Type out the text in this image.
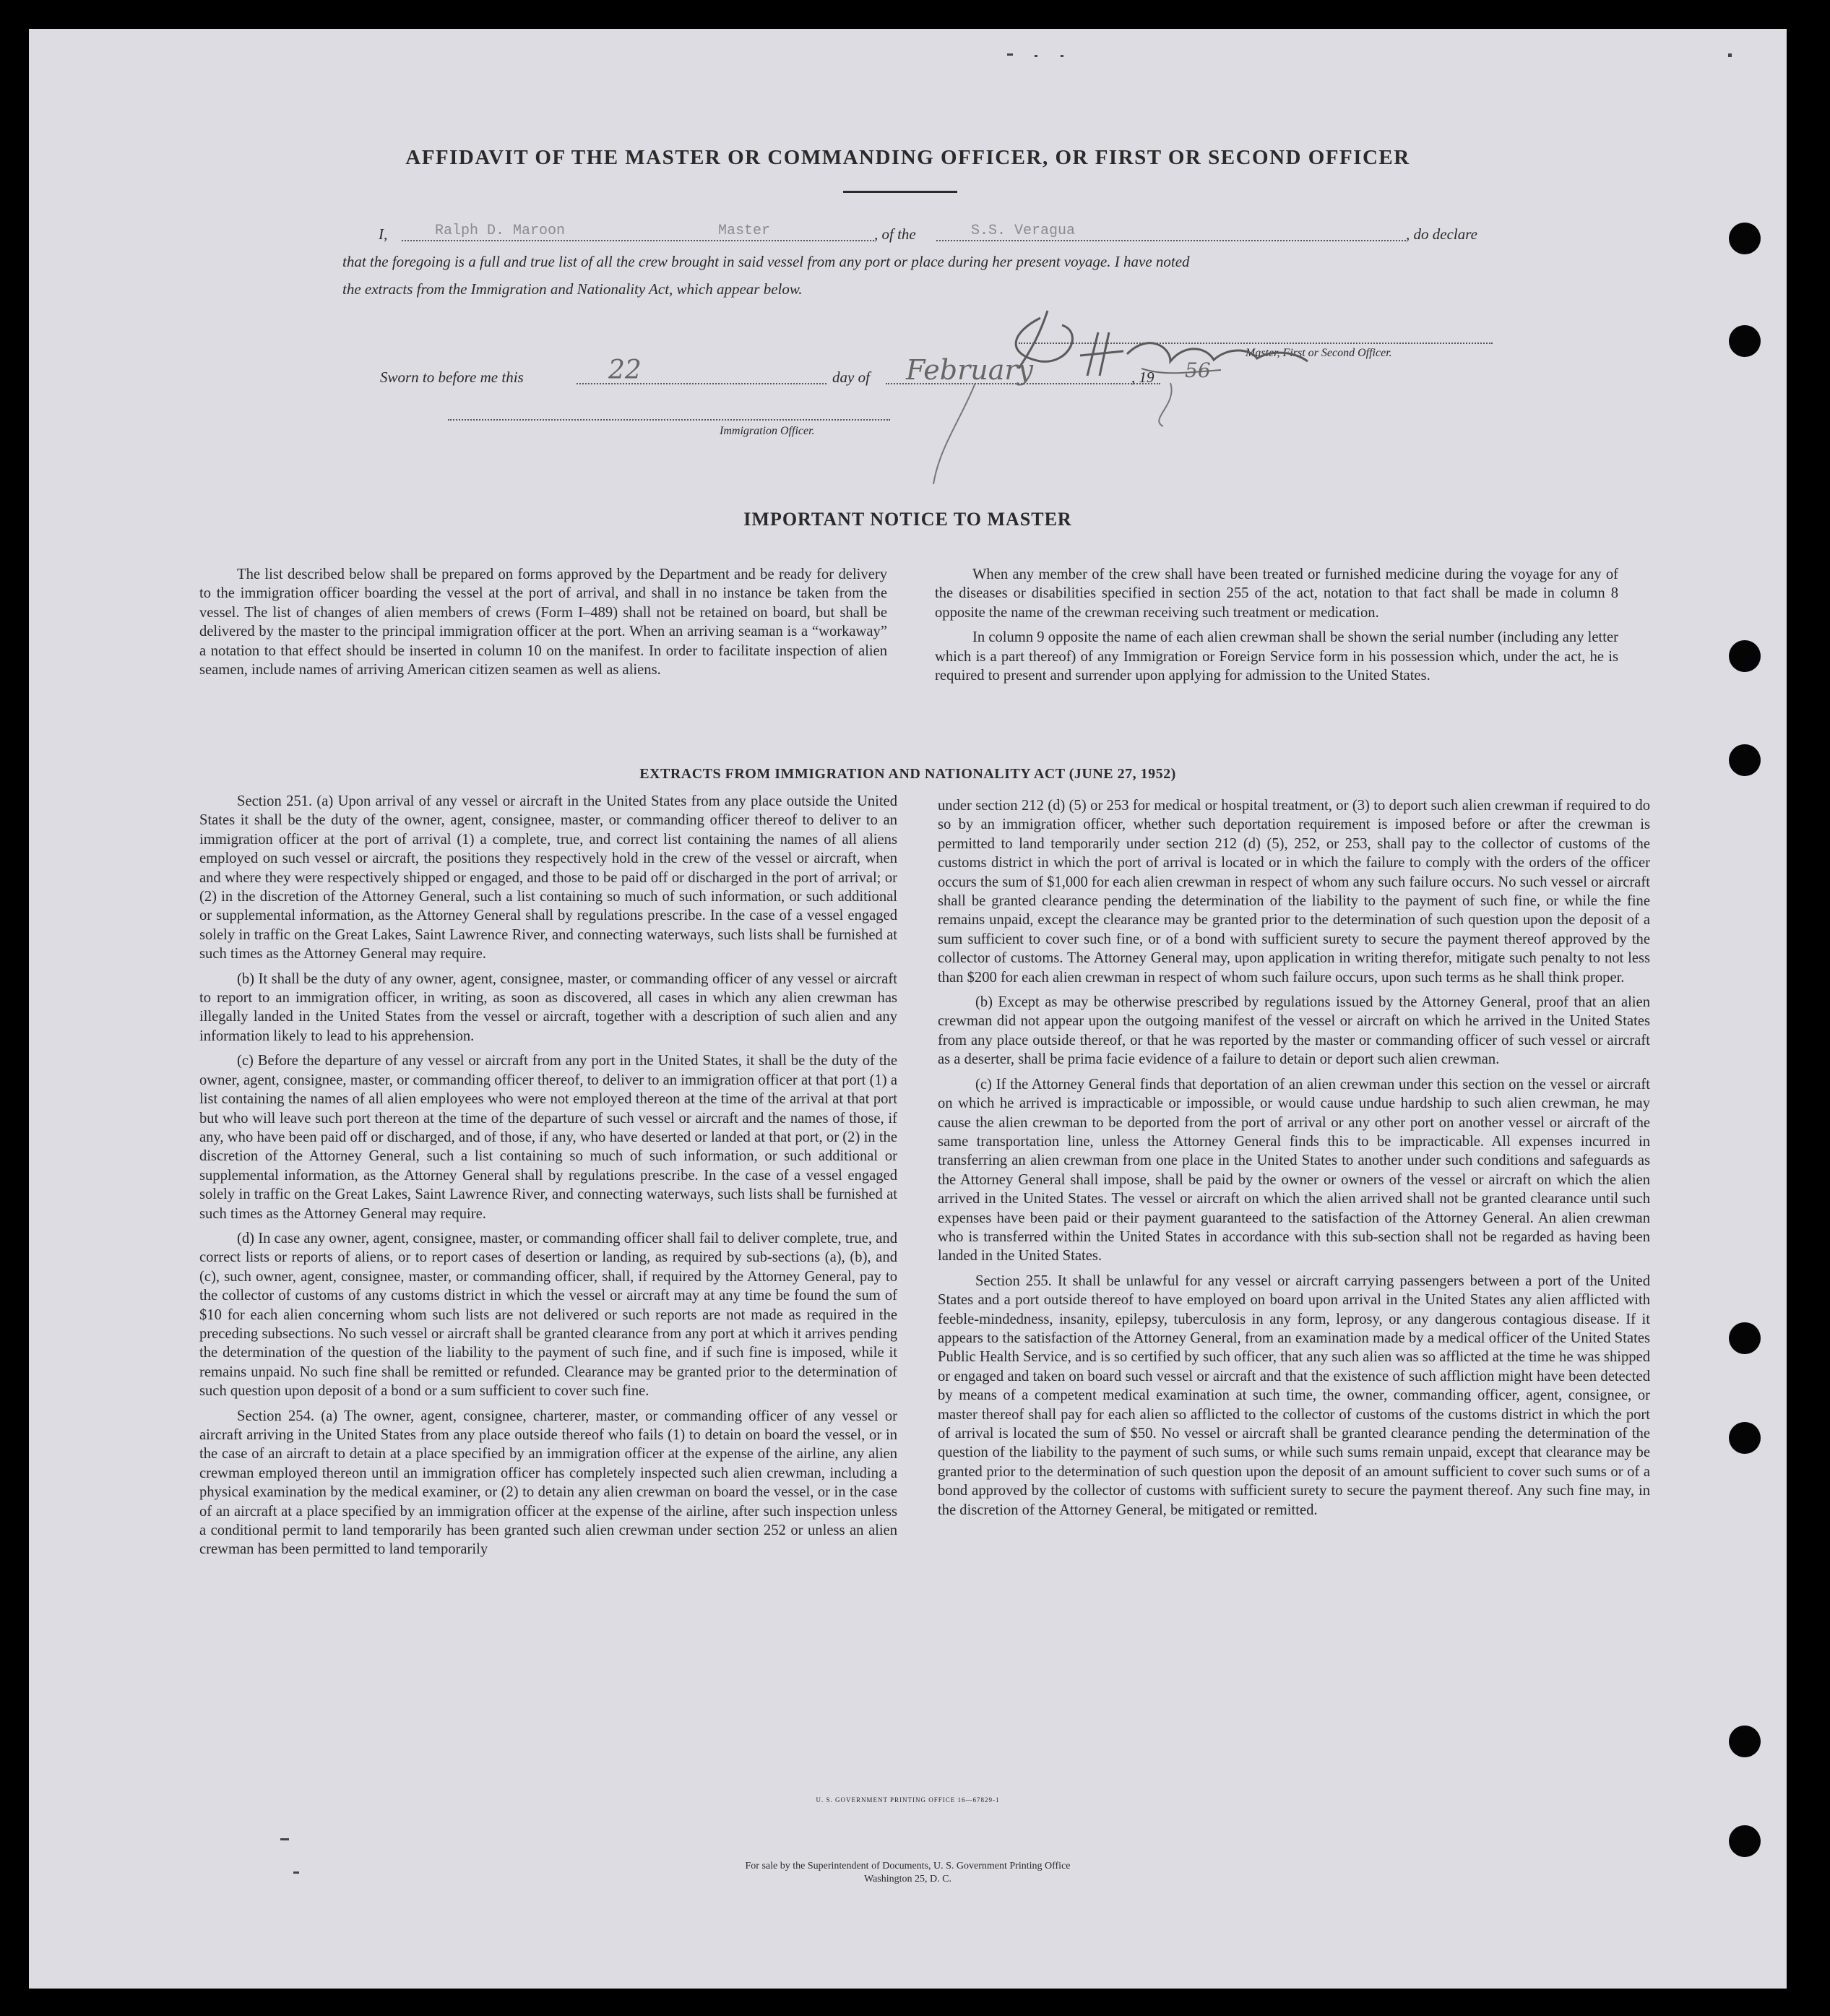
AFFIDAVIT OF THE MASTER OR COMMANDING OFFICER, OR FIRST OR SECOND OFFICER
I,	Ralph D. Maroon	Master	, of the	S.S. Veragua	, do declare
that the foregoing is a full and true list of all the crew brought in said vessel from any port or place during her present voyage. I have noted
the extracts from the Immigration and Nationality Act, which appear below.
Master, First or Second Officer.
Sworn to before me this	22	day of February	, 19 56
Immigration Officer.
IMPORTANT NOTICE TO MASTER

The list described below shall be prepared on forms approved by the Department and be ready for delivery to the immigration officer boarding the vessel at the port of arrival, and shall in no instance be taken from the vessel. The list of changes of alien members of crews (Form I–489) shall not be retained on board, but shall be delivered by the master to the principal immigration officer at the port. When an arriving seaman is a “workaway” a notation to that effect should be inserted in column 10 on the manifest. In order to facilitate inspection of alien seamen, include names of arriving American citizen seamen as well as aliens.

When any member of the crew shall have been treated or furnished medicine during the voyage for any of the diseases or disabilities specified in section 255 of the act, notation to that fact shall be made in column 8 opposite the name of the crewman receiving such treatment or medication.

In column 9 opposite the name of each alien crewman shall be shown the serial number (including any letter which is a part thereof) of any Immigration or Foreign Service form in his possession which, under the act, he is required to present and surrender upon applying for admission to the United States.

EXTRACTS FROM IMMIGRATION AND NATIONALITY ACT (JUNE 27, 1952)

Section 251. (a) Upon arrival of any vessel or aircraft in the United States from any place outside the United States it shall be the duty of the owner, agent, consignee, master, or commanding officer thereof to deliver to an immigration officer at the port of arrival (1) a complete, true, and correct list containing the names of all aliens employed on such vessel or aircraft, the positions they respectively hold in the crew of the vessel or aircraft, when and where they were respectively shipped or engaged, and those to be paid off or discharged in the port of arrival; or (2) in the discretion of the Attorney General, such a list containing so much of such information, or such additional or supplemental information, as the Attorney General shall by regulations prescribe. In the case of a vessel engaged solely in traffic on the Great Lakes, Saint Lawrence River, and connecting waterways, such lists shall be furnished at such times as the Attorney General may require.

(b) It shall be the duty of any owner, agent, consignee, master, or commanding officer of any vessel or aircraft to report to an immigration officer, in writing, as soon as discovered, all cases in which any alien crewman has illegally landed in the United States from the vessel or aircraft, together with a description of such alien and any information likely to lead to his apprehension.

(c) Before the departure of any vessel or aircraft from any port in the United States, it shall be the duty of the owner, agent, consignee, master, or commanding officer thereof, to deliver to an immigration officer at that port (1) a list containing the names of all alien employees who were not employed thereon at the time of the arrival at that port but who will leave such port thereon at the time of the departure of such vessel or aircraft and the names of those, if any, who have been paid off or discharged, and of those, if any, who have deserted or landed at that port, or (2) in the discretion of the Attorney General, such a list containing so much of such information, or such additional or supplemental information, as the Attorney General shall by regulations prescribe. In the case of a vessel engaged solely in traffic on the Great Lakes, Saint Lawrence River, and connecting waterways, such lists shall be furnished at such times as the Attorney General may require.

(d) In case any owner, agent, consignee, master, or commanding officer shall fail to deliver complete, true, and correct lists or reports of aliens, or to report cases of desertion or landing, as required by sub-sections (a), (b), and (c), such owner, agent, consignee, master, or commanding officer, shall, if required by the Attorney General, pay to the collector of customs of any customs district in which the vessel or aircraft may at any time be found the sum of $10 for each alien concerning whom such lists are not delivered or such reports are not made as required in the preceding subsections. No such vessel or aircraft shall be granted clearance from any port at which it arrives pending the determination of the question of the liability to the payment of such fine, and if such fine is imposed, while it remains unpaid. No such fine shall be remitted or refunded. Clearance may be granted prior to the determination of such question upon deposit of a bond or a sum sufficient to cover such fine.

Section 254. (a) The owner, agent, consignee, charterer, master, or commanding officer of any vessel or aircraft arriving in the United States from any place outside thereof who fails (1) to detain on board the vessel, or in the case of an aircraft to detain at a place specified by an immigration officer at the expense of the airline, any alien crewman employed thereon until an immigration officer has completely inspected such alien crewman, including a physical examination by the medical examiner, or (2) to detain any alien crewman on board the vessel, or in the case of an aircraft at a place specified by an immigration officer at the expense of the airline, after such inspection unless a conditional permit to land temporarily has been granted such alien crewman under section 252 or unless an alien crewman has been permitted to land temporarily

under section 212 (d) (5) or 253 for medical or hospital treatment, or (3) to deport such alien crewman if required to do so by an immigration officer, whether such deportation requirement is imposed before or after the crewman is permitted to land temporarily under section 212 (d) (5), 252, or 253, shall pay to the collector of customs of the customs district in which the port of arrival is located or in which the failure to comply with the orders of the officer occurs the sum of $1,000 for each alien crewman in respect of whom any such failure occurs. No such vessel or aircraft shall be granted clearance pending the determination of the liability to the payment of such fine, or while the fine remains unpaid, except the clearance may be granted prior to the determination of such question upon the deposit of a sum sufficient to cover such fine, or of a bond with sufficient surety to secure the payment thereof approved by the collector of customs. The Attorney General may, upon application in writing therefor, mitigate such penalty to not less than $200 for each alien crewman in respect of whom such failure occurs, upon such terms as he shall think proper.

(b) Except as may be otherwise prescribed by regulations issued by the Attorney General, proof that an alien crewman did not appear upon the outgoing manifest of the vessel or aircraft on which he arrived in the United States from any place outside thereof, or that he was reported by the master or commanding officer of such vessel or aircraft as a deserter, shall be prima facie evidence of a failure to detain or deport such alien crewman.

(c) If the Attorney General finds that deportation of an alien crewman under this section on the vessel or aircraft on which he arrived is impracticable or impossible, or would cause undue hardship to such alien crewman, he may cause the alien crewman to be deported from the port of arrival or any other port on another vessel or aircraft of the same transportation line, unless the Attorney General finds this to be impracticable. All expenses incurred in transferring an alien crewman from one place in the United States to another under such conditions and safeguards as the Attorney General shall impose, shall be paid by the owner or owners of the vessel or aircraft on which the alien arrived in the United States. The vessel or aircraft on which the alien arrived shall not be granted clearance until such expenses have been paid or their payment guaranteed to the satisfaction of the Attorney General. An alien crewman who is transferred within the United States in accordance with this sub-section shall not be regarded as having been landed in the United States.

Section 255. It shall be unlawful for any vessel or aircraft carrying passengers between a port of the United States and a port outside thereof to have employed on board upon arrival in the United States any alien afflicted with feeble-mindedness, insanity, epilepsy, tuberculosis in any form, leprosy, or any dangerous contagious disease. If it appears to the satisfaction of the Attorney General, from an examination made by a medical officer of the United States Public Health Service, and is so certified by such officer, that any such alien was so afflicted at the time he was shipped or engaged and taken on board such vessel or aircraft and that the existence of such affliction might have been detected by means of a competent medical examination at such time, the owner, commanding officer, agent, consignee, or master thereof shall pay for each alien so afflicted to the collector of customs of the customs district in which the port of arrival is located the sum of $50. No vessel or aircraft shall be granted clearance pending the determination of the question of the liability to the payment of such sums, or while such sums remain unpaid, except that clearance may be granted prior to the determination of such question upon the deposit of an amount sufficient to cover such sums or of a bond approved by the collector of customs with sufficient surety to secure the payment thereof. Any such fine may, in the discretion of the Attorney General, be mitigated or remitted.

U. S. GOVERNMENT PRINTING OFFICE 16—67829-1
For sale by the Superintendent of Documents, U. S. Government Printing Office
Washington 25, D. C.
